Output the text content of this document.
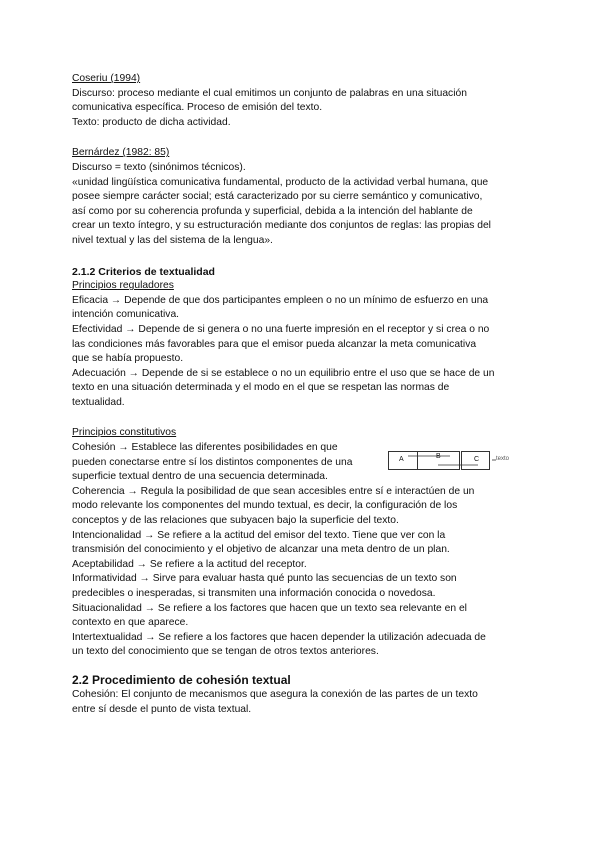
Coseriu (1994)
Discurso: proceso mediante el cual emitimos un conjunto de palabras en una situación
comunicativa específica. Proceso de emisión del texto.
Texto: producto de dicha actividad.
Bernárdez (1982: 85)
Discurso = texto (sinónimos técnicos).
«unidad lingüística comunicativa fundamental, producto de la actividad verbal humana, que
posee siempre carácter social; está caracterizado por su cierre semántico y comunicativo,
así como por su coherencia profunda y superficial, debida a la intención del hablante de
crear un texto íntegro, y su estructuración mediante dos conjuntos de reglas: las propias del
nivel textual y las del sistema de la lengua».
2.1.2 Criterios de textualidad
Principios reguladores
Eficacia → Depende de que dos participantes empleen o no un mínimo de esfuerzo en una
intención comunicativa.
Efectividad → Depende de si genera o no una fuerte impresión en el receptor y si crea o no
las condiciones más favorables para que el emisor pueda alcanzar la meta comunicativa
que se había propuesto.
Adecuación → Depende de si se establece o no un equilibrio entre el uso que se hace de un
texto en una situación determinada y el modo en el que se respetan las normas de
textualidad.
Principios constitutivos
Cohesión → Establece las diferentes posibilidades en que
pueden conectarse entre sí los distintos componentes de una
superficie textual dentro de una secuencia determinada.
Coherencia → Regula la posibilidad de que sean accesibles entre sí e interactúen de un
modo relevante los componentes del mundo textual, es decir, la configuración de los
conceptos y de las relaciones que subyacen bajo la superficie del texto.
Intencionalidad → Se refiere a la actitud del emisor del texto. Tiene que ver con la
transmisión del conocimiento y el objetivo de alcanzar una meta dentro de un plan.
Aceptabilidad → Se refiere a la actitud del receptor.
Informatividad → Sirve para evaluar hasta qué punto las secuencias de un texto son
predecibles o inesperadas, si transmiten una información conocida o novedosa.
Situacionalidad → Se refiere a los factores que hacen que un texto sea relevante en el
contexto en que aparece.
Intertextualidad → Se refiere a los factores que hacen depender la utilización adecuada de
un texto del conocimiento que se tengan de otros textos anteriores.
2.2 Procedimiento de cohesión textual
Cohesión: El conjunto de mecanismos que asegura la conexión de las partes de un texto
entre sí desde el punto de vista textual.
A	B	C	texto
